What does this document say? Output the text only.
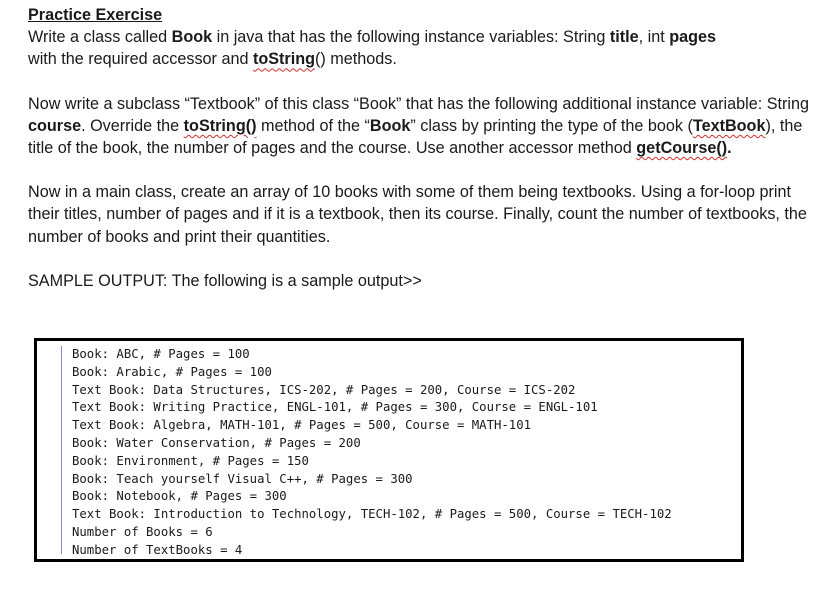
Practice Exercise

Write a class called Book in java that has the following instance variables: String title, int pages
with the required accessor and toString() methods.

Now write a subclass “Textbook” of this class “Book” that has the following additional instance variable: String course. Override the toString() method of the “Book” class by printing the type of the book (TextBook), the title of the book, the number of pages and the course. Use another accessor method getCourse().

Now in a main class, create an array of 10 books with some of them being textbooks. Using a for-loop print their titles, number of pages and if it is a textbook, then its course. Finally, count the number of textbooks, the number of books and print their quantities.

SAMPLE OUTPUT: The following is a sample output>>

Book: ABC, # Pages = 100
Book: Arabic, # Pages = 100
Text Book: Data Structures, ICS-202, # Pages = 200, Course = ICS-202
Text Book: Writing Practice, ENGL-101, # Pages = 300, Course = ENGL-101
Text Book: Algebra, MATH-101, # Pages = 500, Course = MATH-101
Book: Water Conservation, # Pages = 200
Book: Environment, # Pages = 150
Book: Teach yourself Visual C++, # Pages = 300
Book: Notebook, # Pages = 300
Text Book: Introduction to Technology, TECH-102, # Pages = 500, Course = TECH-102
Number of Books = 6
Number of TextBooks = 4
